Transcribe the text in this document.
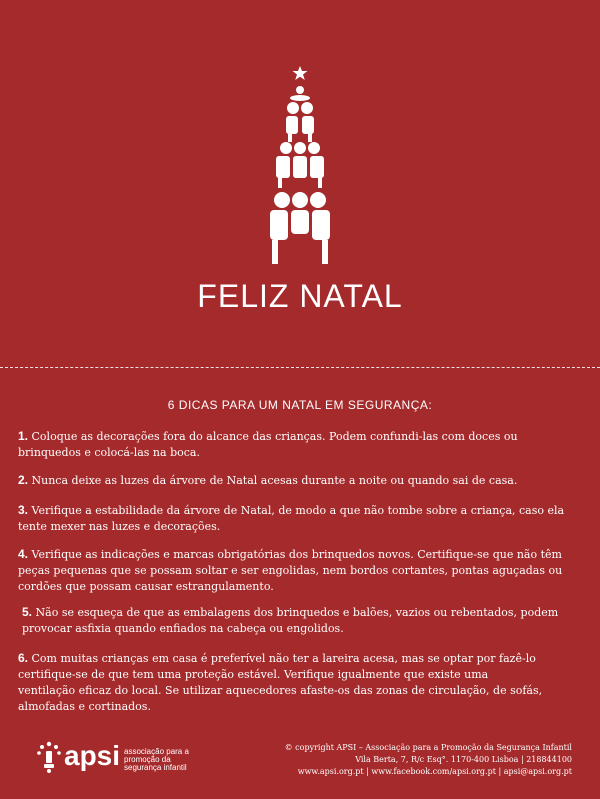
FELIZ NATAL
6 DICAS PARA UM NATAL EM SEGURANÇA:
1. Coloque as decorações fora do alcance das crianças. Podem confundi-las com doces ou brinquedos e colocá-las na boca.
2. Nunca deixe as luzes da árvore de Natal acesas durante a noite ou quando sai de casa.
3. Verifique a estabilidade da árvore de Natal, de modo a que não tombe sobre a criança, caso ela tente mexer nas luzes e decorações.
4. Verifique as indicações e marcas obrigatórias dos brinquedos novos. Certifique-se que não têm peças pequenas que se possam soltar e ser engolidas, nem bordos cortantes, pontas aguçadas ou cordões que possam causar estrangulamento.
5. Não se esqueça de que as embalagens dos brinquedos e balões, vazios ou rebentados, podem provocar asfixia quando enfiados na cabeça ou engolidos.
6. Com muitas crianças em casa é preferível não ter a lareira acesa, mas se optar por fazê-lo certifique-se de que tem uma proteção estável. Verifique igualmente que existe uma ventilação eficaz do local. Se utilizar aquecedores afaste-os das zonas de circulação, de sofás, almofadas e cortinados.
apsi associação para a promoção da segurança infantil
© copyright APSI – Associação para a Promoção da Segurança Infantil
Vila Berta, 7, R/c Esq°. 1170-400 Lisboa | 218844100
www.apsi.org.pt | www.facebook.com/apsi.org.pt | apsi@apsi.org.pt
